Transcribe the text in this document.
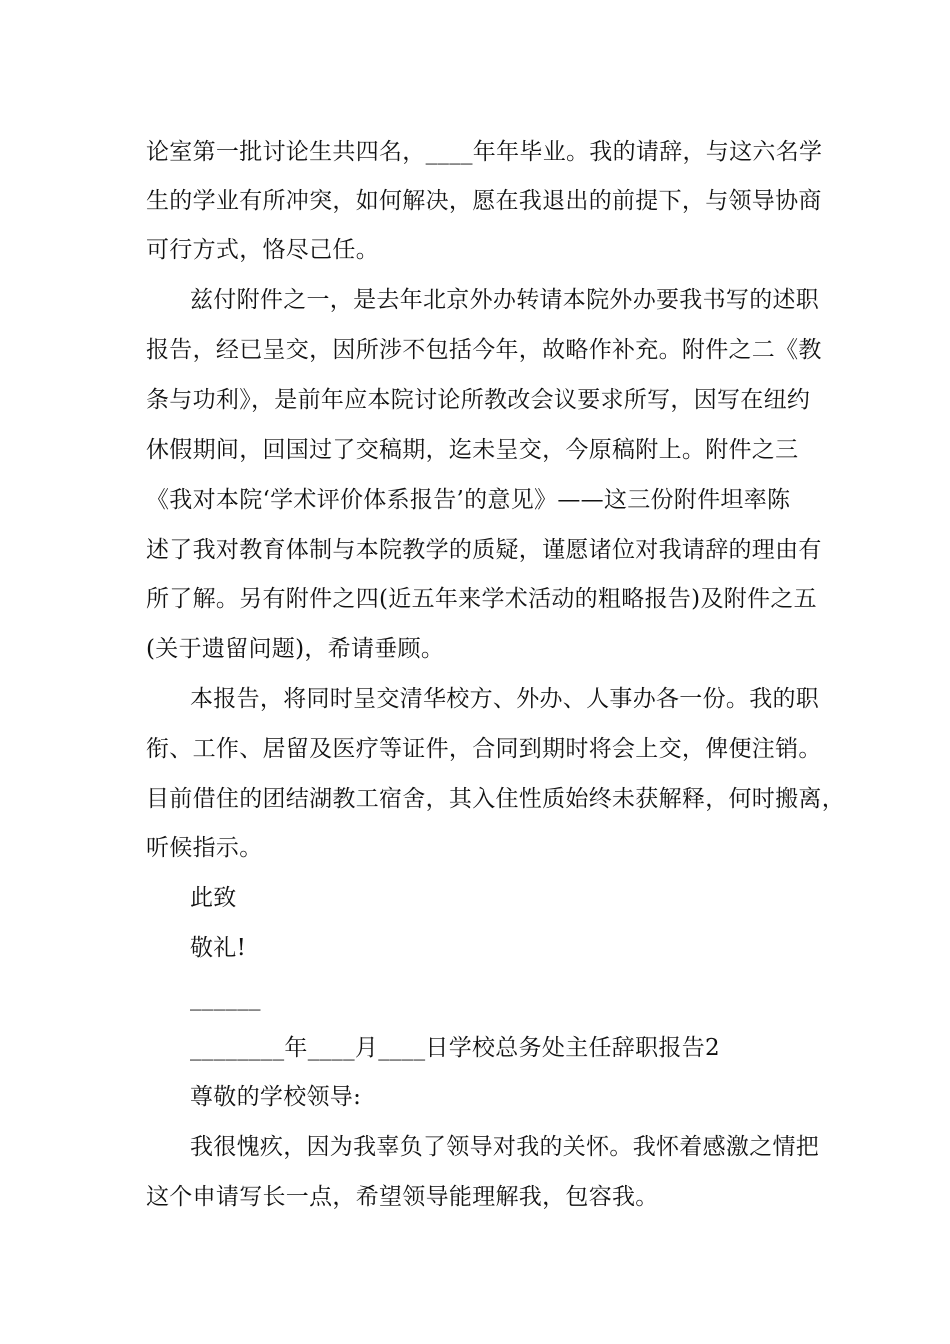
论室第一批讨论生共四名，____年年毕业。我的请辞，与这六名学
生的学业有所冲突，如何解决，愿在我退出的前提下，与领导协商
可行方式，恪尽己任。
兹付附件之一，是去年北京外办转请本院外办要我书写的述职
报告，经已呈交，因所涉不包括今年，故略作补充。附件之二《教
条与功利》，是前年应本院讨论所教改会议要求所写，因写在纽约
休假期间，回国过了交稿期，迄未呈交，今原稿附上。附件之三
《我对本院‘学术评价体系报告’的意见》——这三份附件坦率陈
述了我对教育体制与本院教学的质疑，谨愿诸位对我请辞的理由有
所了解。另有附件之四(近五年来学术活动的粗略报告)及附件之五
(关于遗留问题)，希请垂顾。
本报告，将同时呈交清华校方、外办、人事办各一份。我的职
衔、工作、居留及医疗等证件，合同到期时将会上交，俾便注销。
目前借住的团结湖教工宿舍，其入住性质始终未获解释，何时搬离，
听候指示。
此致
敬礼!
______
________年____月____日学校总务处主任辞职报告2
尊敬的学校领导:
我很愧疚，因为我辜负了领导对我的关怀。我怀着感激之情把
这个申请写长一点，希望领导能理解我，包容我。
